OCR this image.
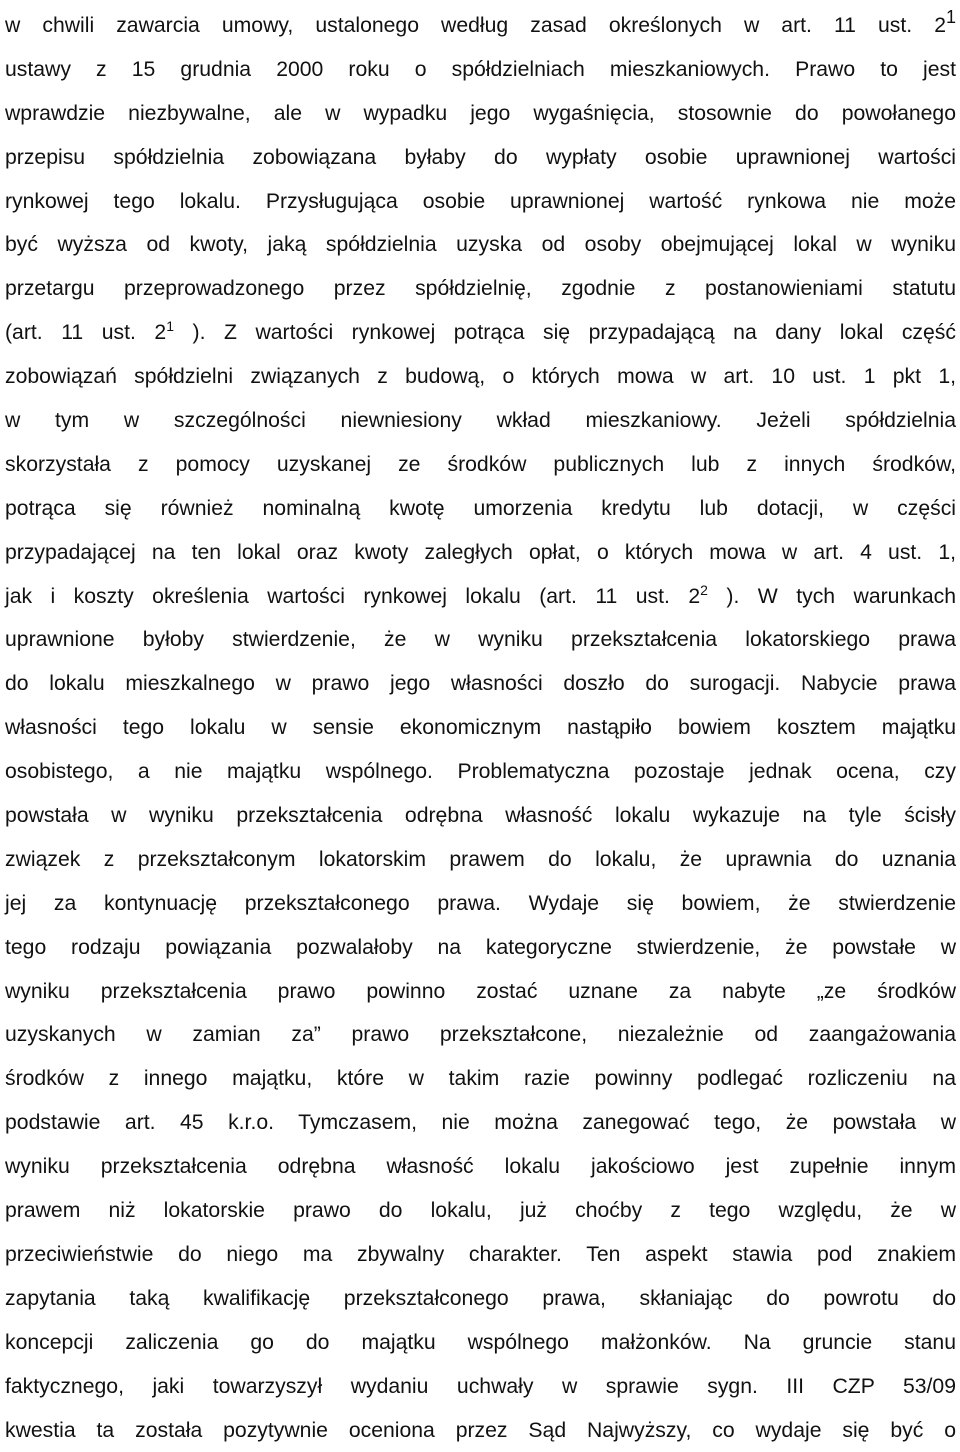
w chwili zawarcia umowy, ustalonego według zasad określonych w art. 11 ust. $2^1$
ustawy z 15 grudnia 2000 roku o spółdzielniach mieszkaniowych. Prawo to jest
wprawdzie niezbywalne, ale w wypadku jego wygaśnięcia, stosownie do powołanego
przepisu spółdzielnia zobowiązana byłaby do wypłaty osobie uprawnionej wartości
rynkowej tego lokalu. Przysługująca osobie uprawnionej wartość rynkowa nie może
być wyższa od kwoty, jaką spółdzielnia uzyska od osoby obejmującej lokal w wyniku
przetargu przeprowadzonego przez spółdzielnię, zgodnie z postanowieniami statutu
(art. 11 ust. $2^1$ ). Z wartości rynkowej potrąca się przypadającą na dany lokal część
zobowiązań spółdzielni związanych z budową, o których mowa w art. 10 ust. 1 pkt 1,
w tym w szczególności niewniesiony wkład mieszkaniowy. Jeżeli spółdzielnia
skorzystała z pomocy uzyskanej ze środków publicznych lub z innych środków,
potrąca się również nominalną kwotę umorzenia kredytu lub dotacji, w części
przypadającej na ten lokal oraz kwoty zaległych opłat, o których mowa w art. 4 ust. 1,
jak i koszty określenia wartości rynkowej lokalu (art. 11 ust. $2^2$ ). W tych warunkach
uprawnione byłoby stwierdzenie, że w wyniku przekształcenia lokatorskiego prawa
do lokalu mieszkalnego w prawo jego własności doszło do surogacji. Nabycie prawa
własności tego lokalu w sensie ekonomicznym nastąpiło bowiem kosztem majątku
osobistego, a nie majątku wspólnego. Problematyczna pozostaje jednak ocena, czy
powstała w wyniku przekształcenia odrębna własność lokalu wykazuje na tyle ścisły
związek z przekształconym lokatorskim prawem do lokalu, że uprawnia do uznania
jej za kontynuację przekształconego prawa. Wydaje się bowiem, że stwierdzenie
tego rodzaju powiązania pozwalałoby na kategoryczne stwierdzenie, że powstałe w
wyniku przekształcenia prawo powinno zostać uznane za nabyte „ze środków
uzyskanych w zamian za” prawo przekształcone, niezależnie od zaangażowania
środków z innego majątku, które w takim razie powinny podlegać rozliczeniu na
podstawie art. 45 k.r.o. Tymczasem, nie można zanegować tego, że powstała w
wyniku przekształcenia odrębna własność lokalu jakościowo jest zupełnie innym
prawem niż lokatorskie prawo do lokalu, już choćby z tego względu, że w
przeciwieństwie do niego ma zbywalny charakter. Ten aspekt stawia pod znakiem
zapytania taką kwalifikację przekształconego prawa, skłaniając do powrotu do
koncepcji zaliczenia go do majątku wspólnego małżonków. Na gruncie stanu
faktycznego, jaki towarzyszył wydaniu uchwały w sprawie sygn. III CZP 53/09
kwestia ta została pozytywnie oceniona przez Sąd Najwyższy, co wydaje się być o
